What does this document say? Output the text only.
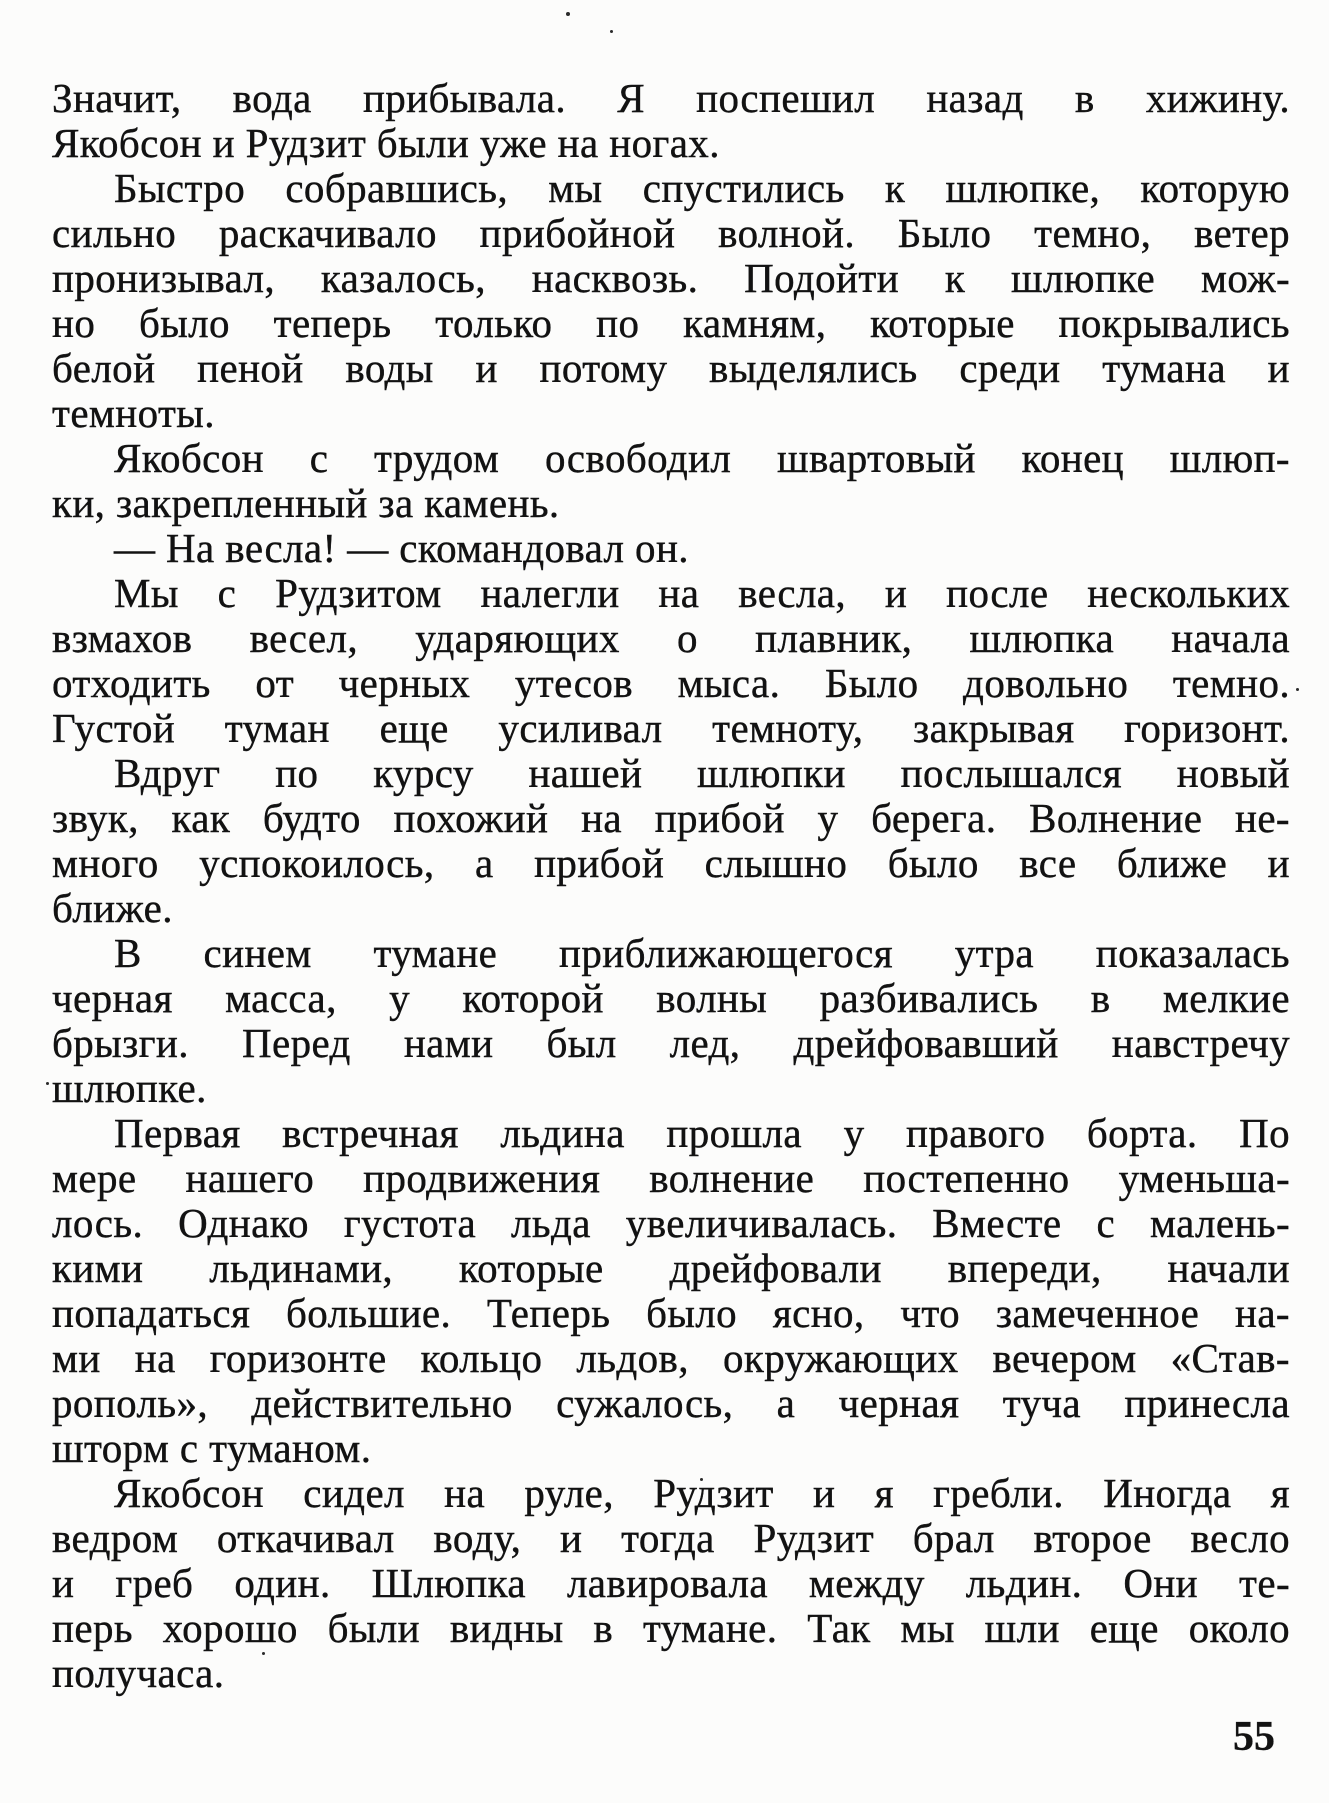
Значит, вода прибывала. Я поспешил назад в хижину.
Якобсон и Рудзит были уже на ногах.
Быстро собравшись, мы спустились к шлюпке, которую
сильно раскачивало прибойной волной. Было темно, ветер
пронизывал, казалось, насквозь. Подойти к шлюпке мож-
но было теперь только по камням, которые покрывались
белой пеной воды и потому выделялись среди тумана и
темноты.
Якобсон с трудом освободил швартовый конец шлюп-
ки, закрепленный за камень.
— На весла! — скомандовал он.
Мы с Рудзитом налегли на весла, и после нескольких
взмахов весел, ударяющих о плавник, шлюпка начала
отходить от черных утесов мыса. Было довольно темно.
Густой туман еще усиливал темноту, закрывая горизонт.
Вдруг по курсу нашей шлюпки послышался новый
звук, как будто похожий на прибой у берега. Волнение не-
много успокоилось, а прибой слышно было все ближе и
ближе.
В синем тумане приближающегося утра показалась
черная масса, у которой волны разбивались в мелкие
брызги. Перед нами был лед, дрейфовавший навстречу
шлюпке.
Первая встречная льдина прошла у правого борта. По
мере нашего продвижения волнение постепенно уменьша-
лось. Однако густота льда увеличивалась. Вместе с малень-
кими льдинами, которые дрейфовали впереди, начали
попадаться большие. Теперь было ясно, что замеченное на-
ми на горизонте кольцо льдов, окружающих вечером «Став-
рополь», действительно сужалось, а черная туча принесла
шторм с туманом.
Якобсон сидел на руле, Рудзит и я гребли. Иногда я
ведром откачивал воду, и тогда Рудзит брал второе весло
и греб один. Шлюпка лавировала между льдин. Они те-
перь хорошо были видны в тумане. Так мы шли еще около
получаса.
55
